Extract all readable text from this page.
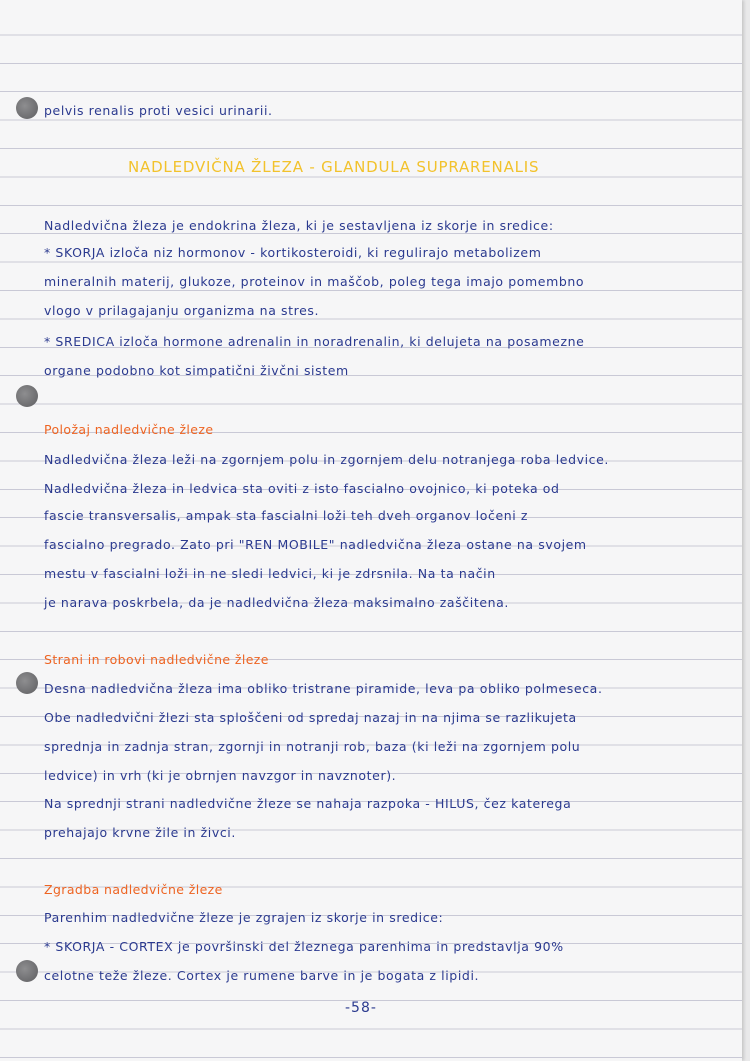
pelvis renalis proti vesici urinarii.
NADLEDVIČNA ŽLEZA - GLANDULA SUPRARENALIS
Nadledvična žleza je endokrina žleza, ki je sestavljena iz skorje in sredice:
* SKORJA izloča niz hormonov - kortikosteroidi, ki regulirajo metabolizem
mineralnih materij, glukoze, proteinov in maščob, poleg tega imajo pomembno
vlogo v prilagajanju organizma na stres.
* SREDICA izloča hormone adrenalin in noradrenalin, ki delujeta na posamezne
organe podobno kot simpatični živčni sistem
Položaj nadledvične žleze
Nadledvična žleza leži na zgornjem polu in zgornjem delu notranjega roba ledvice.
Nadledvična žleza in ledvica sta oviti z isto fascialno ovojnico, ki poteka od
fascie transversalis, ampak sta fascialni loži teh dveh organov ločeni z
fascialno pregrado. Zato pri "REN MOBILE" nadledvična žleza ostane na svojem
mestu v fascialni loži in ne sledi ledvici, ki je zdrsnila. Na ta način
je narava poskrbela, da je nadledvična žleza maksimalno zaščitena.
Strani in robovi nadledvične žleze
Desna nadledvična žleza ima obliko tristrane piramide, leva pa obliko polmeseca.
Obe nadledvični žlezi sta sploščeni od spredaj nazaj in na njima se razlikujeta
sprednja in zadnja stran, zgornji in notranji rob, baza (ki leži na zgornjem polu
ledvice) in vrh (ki je obrnjen navzgor in navznoter).
Na sprednji strani nadledvične žleze se nahaja razpoka - HILUS, čez katerega
prehajajo krvne žile in živci.
Zgradba nadledvične žleze
Parenhim nadledvične žleze je zgrajen iz skorje in sredice:
* SKORJA - CORTEX je površinski del žleznega parenhima in predstavlja 90%
celotne teže žleze. Cortex je rumene barve in je bogata z lipidi.
-58-
